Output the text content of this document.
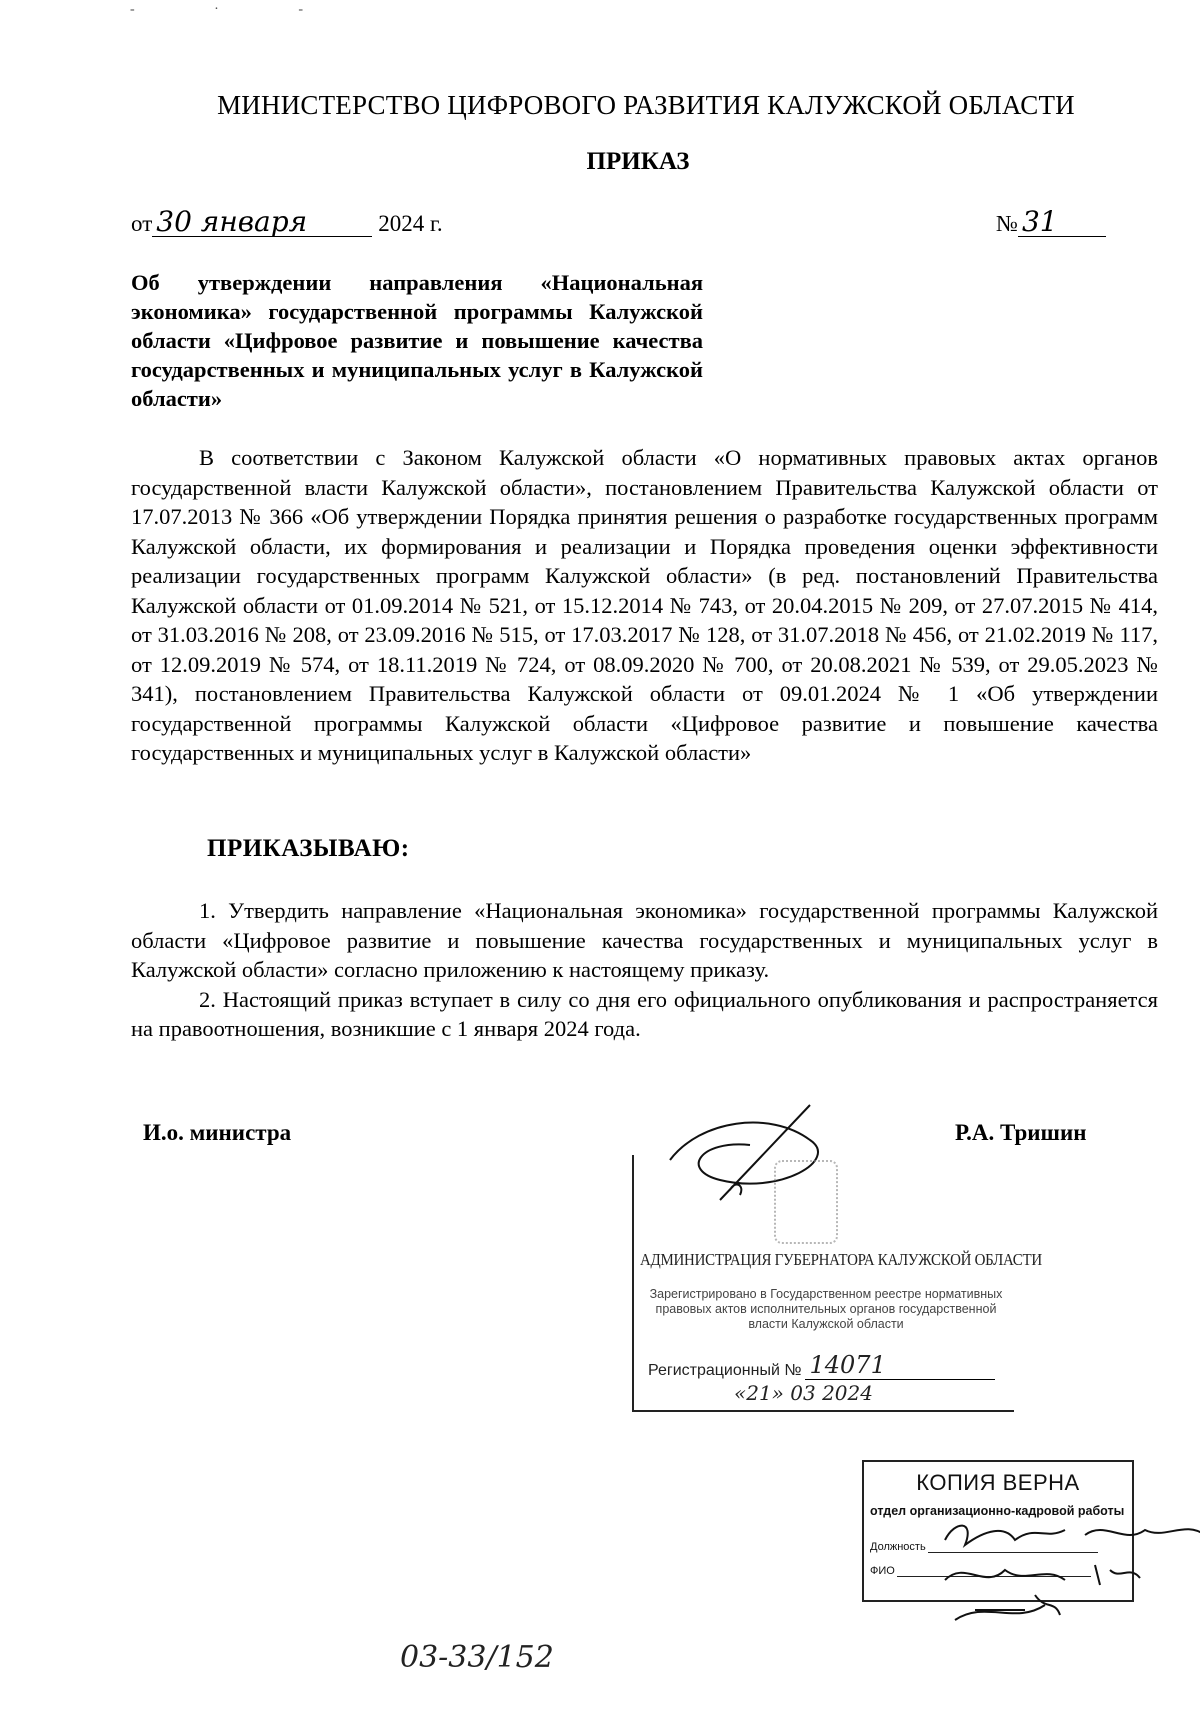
- · -
МИНИСТЕРСТВО ЦИФРОВОГО РАЗВИТИЯ КАЛУЖСКОЙ ОБЛАСТИ
ПРИКАЗ
от 30 января	2024 г.	№ 31
Об утверждении направления «Национальная экономика» государственной программы Калужской области «Цифровое развитие и повышение качества государственных и муниципальных услуг в Калужской области»

В соответствии с Законом Калужской области «О нормативных правовых актах органов государственной власти Калужской области», постановлением Правительства Калужской области от 17.07.2013 № 366 «Об утверждении Порядка принятия решения о разработке государственных программ Калужской области, их формирования и реализации и Порядка проведения оценки эффективности реализации государственных программ Калужской области» (в ред. постановлений Правительства Калужской области от 01.09.2014 № 521, от 15.12.2014 № 743, от 20.04.2015 № 209, от 27.07.2015 № 414, от 31.03.2016 № 208, от 23.09.2016 № 515, от 17.03.2017 № 128, от 31.07.2018 № 456, от 21.02.2019 № 117, от 12.09.2019 № 574, от 18.11.2019 № 724, от 08.09.2020 № 700, от 20.08.2021 № 539, от 29.05.2023 № 341), постановлением Правительства Калужской области от 09.01.2024 № 1 «Об утверждении государственной программы Калужской области «Цифровое развитие и повышение качества государственных и муниципальных услуг в Калужской области»

ПРИКАЗЫВАЮ:

1. Утвердить направление «Национальная экономика» государственной программы Калужской области «Цифровое развитие и повышение качества государственных и муниципальных услуг в Калужской области» согласно приложению к настоящему приказу.

2. Настоящий приказ вступает в силу со дня его официального опубликования и распространяется на правоотношения, возникшие с 1 января 2024 года.

И.о. министра	Р.А. Тришин
АДМИНИСТРАЦИЯ ГУБЕРНАТОРА КАЛУЖСКОЙ ОБЛАСТИ
Зарегистрировано в Государственном реестре нормативных правовых актов исполнительных органов государственной власти Калужской области
Регистрационный № 14071
«21» 03 2024
КОПИЯ ВЕРНА
отдел организационно-кадровой работы
Должность
ФИО
03-33/152
